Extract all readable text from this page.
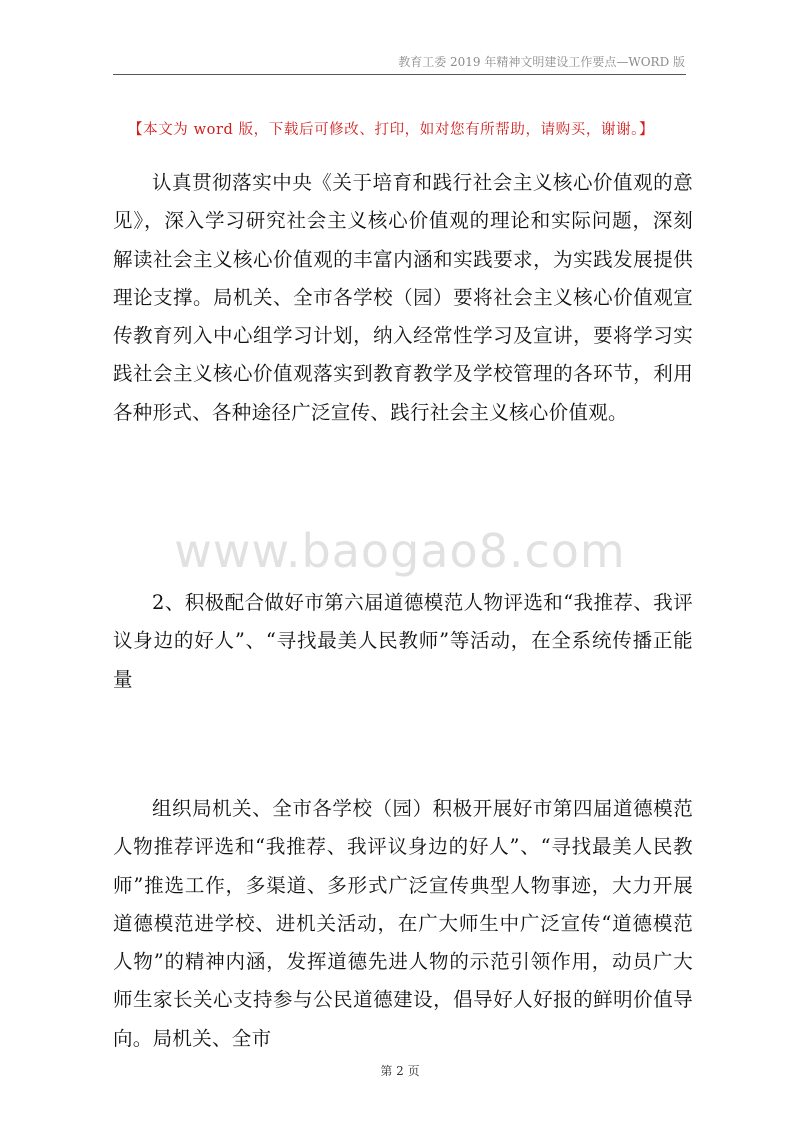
教育工委 2019 年精神文明建设工作要点—WORD 版
【本文为 word 版，下载后可修改、打印，如对您有所帮助，请购买，谢谢。】

认真贯彻落实中央《关于培育和践行社会主义核心价值观的意见》，深入学习研究社会主义核心价值观的理论和实际问题，深刻解读社会主义核心价值观的丰富内涵和实践要求，为实践发展提供理论支撑。局机关、全市各学校（园）要将社会主义核心价值观宣传教育列入中心组学习计划，纳入经常性学习及宣讲，要将学习实践社会主义核心价值观落实到教育教学及学校管理的各环节，利用各种形式、各种途径广泛宣传、践行社会主义核心价值观。

www.baogao8.com

2、积极配合做好市第六届道德模范人物评选和“我推荐、我评议身边的好人”、“寻找最美人民教师”等活动，在全系统传播正能量

组织局机关、全市各学校（园）积极开展好市第四届道德模范人物推荐评选和“我推荐、我评议身边的好人”、“寻找最美人民教师”推选工作，多渠道、多形式广泛宣传典型人物事迹，大力开展道德模范进学校、进机关活动，在广大师生中广泛宣传“道德模范人物”的精神内涵，发挥道德先进人物的示范引领作用，动员广大师生家长关心支持参与公民道德建设，倡导好人好报的鲜明价值导向。局机关、全市

第 2 页
